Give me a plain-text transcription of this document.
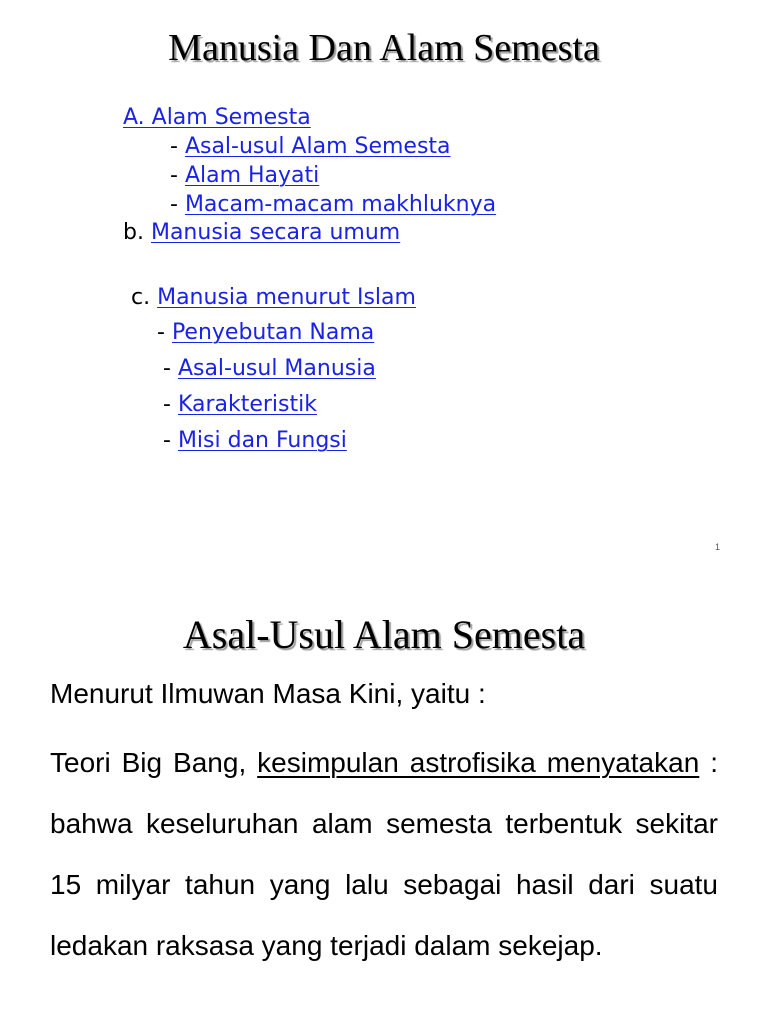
Manusia Dan Alam Semesta
A. Alam Semesta
- Asal-usul Alam Semesta
- Alam Hayati
- Macam-macam makhluknya
b. Manusia secara umum
c. Manusia menurut Islam
- Penyebutan Nama
- Asal-usul Manusia
- Karakteristik
- Misi dan Fungsi
1
Asal-Usul Alam Semesta

Menurut Ilmuwan Masa Kini, yaitu :

Teori Big Bang, kesimpulan astrofisika menyatakan : bahwa keseluruhan alam semesta terbentuk sekitar 15 milyar tahun yang lalu sebagai hasil dari suatu ledakan raksasa yang terjadi dalam sekejap.
